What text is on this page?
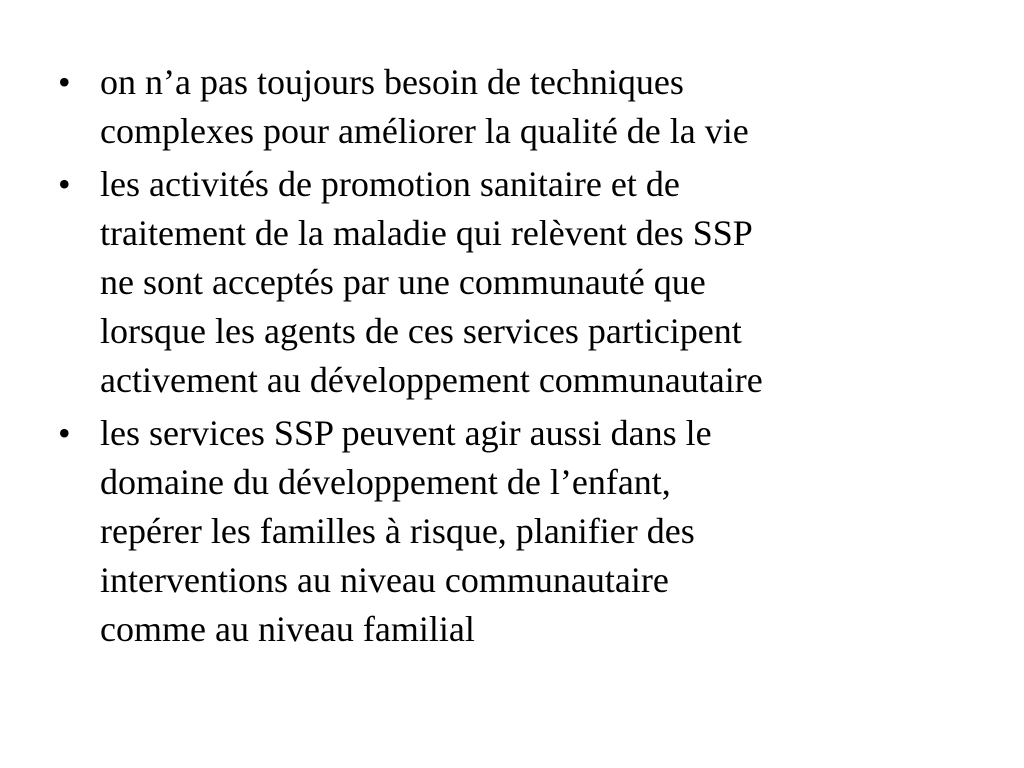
• on n’a pas toujours besoin de techniques
complexes pour améliorer la qualité de la vie
• les activités de promotion sanitaire et de
traitement de la maladie qui relèvent des SSP
ne sont acceptés par une communauté que
lorsque les agents de ces services participent
activement au développement communautaire
• les services SSP peuvent agir aussi dans le
domaine du développement de l’enfant,
repérer les familles à risque, planifier des
interventions au niveau communautaire
comme au niveau familial
